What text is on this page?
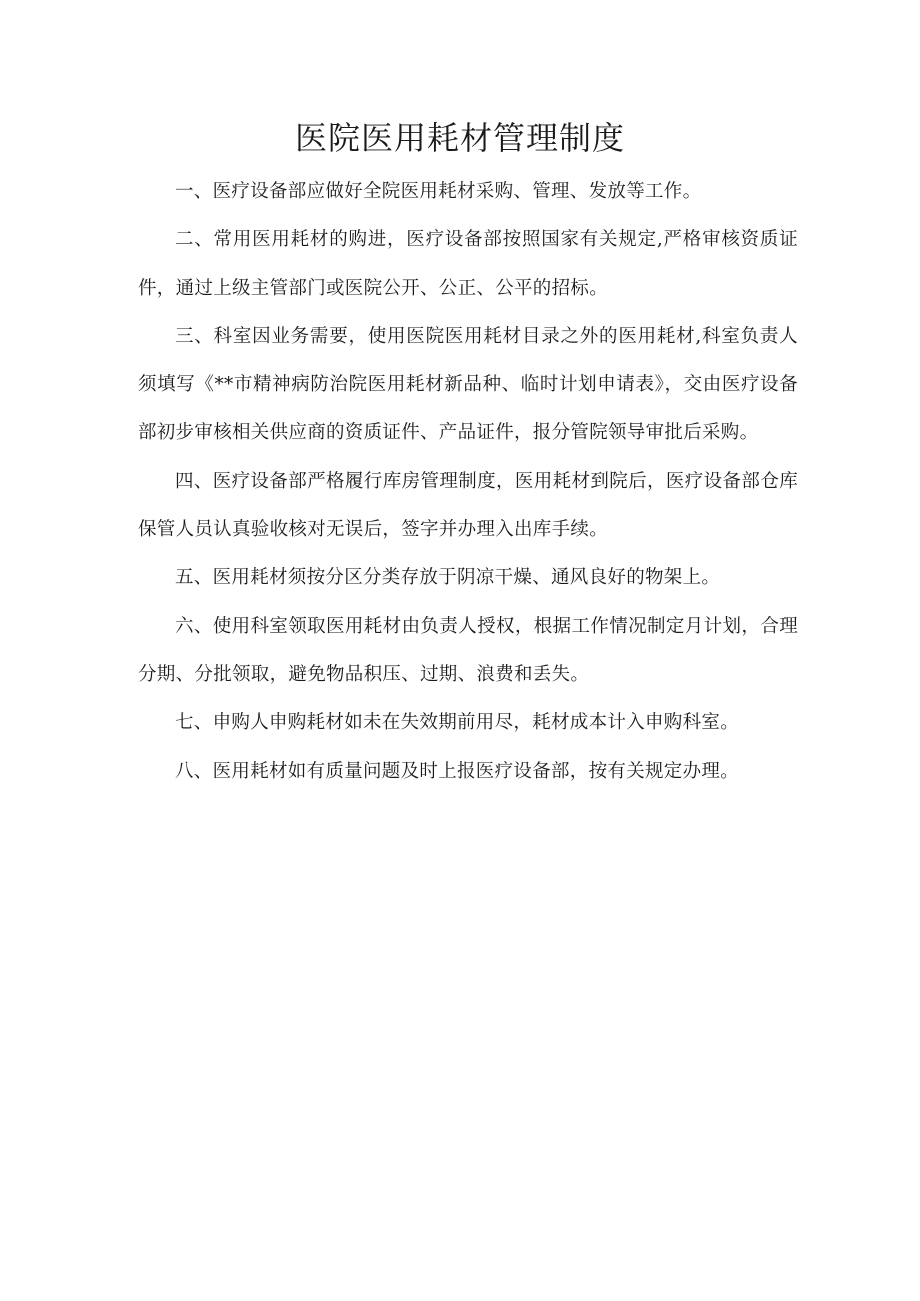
医院医用耗材管理制度

一、医疗设备部应做好全院医用耗材采购、管理、发放等工作。

二、常用医用耗材的购进，医疗设备部按照国家有关规定,严格审核资质证件，通过上级主管部门或医院公开、公正、公平的招标。

三、科室因业务需要，使用医院医用耗材目录之外的医用耗材,科室负责人须填写《**市精神病防治院医用耗材新品种、临时计划申请表》，交由医疗设备部初步审核相关供应商的资质证件、产品证件，报分管院领导审批后采购。

四、医疗设备部严格履行库房管理制度，医用耗材到院后，医疗设备部仓库保管人员认真验收核对无误后，签字并办理入出库手续。

五、医用耗材须按分区分类存放于阴凉干燥、通风良好的物架上。

六、使用科室领取医用耗材由负责人授权，根据工作情况制定月计划，合理分期、分批领取，避免物品积压、过期、浪费和丢失。

七、申购人申购耗材如未在失效期前用尽，耗材成本计入申购科室。

八、医用耗材如有质量问题及时上报医疗设备部，按有关规定办理。
